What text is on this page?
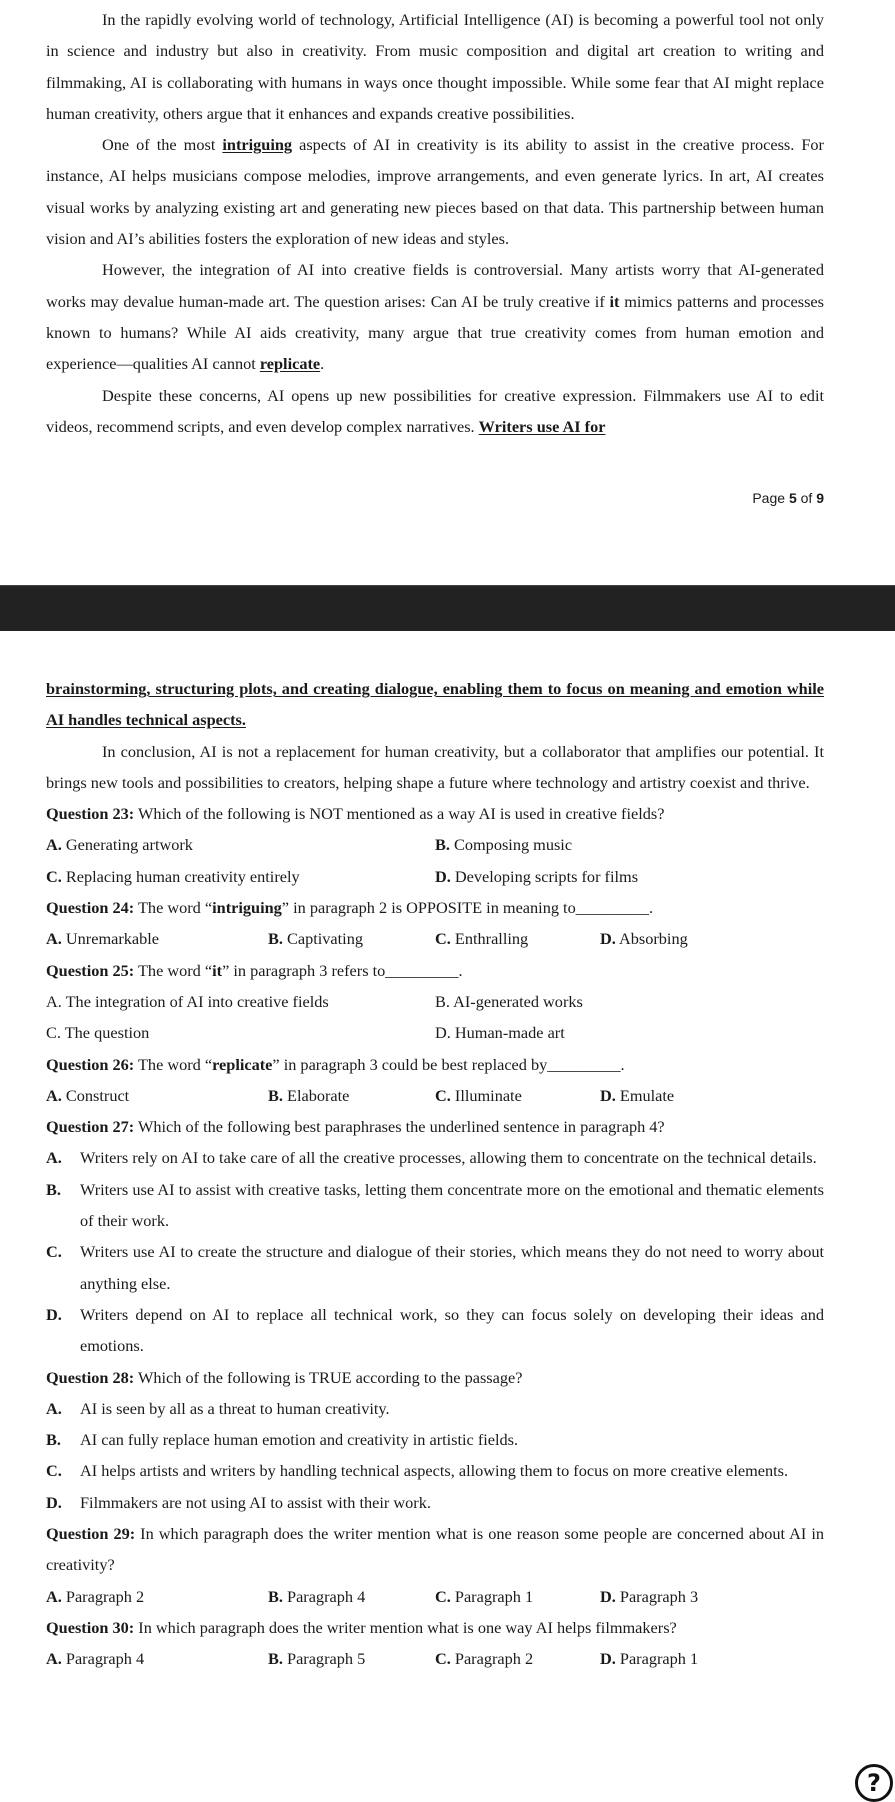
In the rapidly evolving world of technology, Artificial Intelligence (AI) is becoming a powerful tool not only in science and industry but also in creativity. From music composition and digital art creation to writing and filmmaking, AI is collaborating with humans in ways once thought impossible. While some fear that AI might replace human creativity, others argue that it enhances and expands creative possibilities.

One of the most intriguing aspects of AI in creativity is its ability to assist in the creative process. For instance, AI helps musicians compose melodies, improve arrangements, and even generate lyrics. In art, AI creates visual works by analyzing existing art and generating new pieces based on that data. This partnership between human vision and AI’s abilities fosters the exploration of new ideas and styles.

However, the integration of AI into creative fields is controversial. Many artists worry that AI-generated works may devalue human-made art. The question arises: Can AI be truly creative if it mimics patterns and processes known to humans? While AI aids creativity, many argue that true creativity comes from human emotion and experience—qualities AI cannot replicate.

Despite these concerns, AI opens up new possibilities for creative expression. Filmmakers use AI to edit videos, recommend scripts, and even develop complex narratives. Writers use AI for

Page 5 of 9

brainstorming, structuring plots, and creating dialogue, enabling them to focus on meaning and emotion while AI handles technical aspects.

In conclusion, AI is not a replacement for human creativity, but a collaborator that amplifies our potential. It brings new tools and possibilities to creators, helping shape a future where technology and artistry coexist and thrive.

Question 23: Which of the following is NOT mentioned as a way AI is used in creative fields?

A. Generating artwork	B. Composing music
C. Replacing human creativity entirely	D. Developing scripts for films

Question 24: The word “intriguing” in paragraph 2 is OPPOSITE in meaning to_________.

A. Unremarkable	B. Captivating	C. Enthralling	D. Absorbing

Question 25: The word “it” in paragraph 3 refers to_________.

A. The integration of AI into creative fields	B. AI-generated works
C. The question	D. Human-made art

Question 26: The word “replicate” in paragraph 3 could be best replaced by_________.

A. Construct	B. Elaborate	C. Illuminate	D. Emulate

Question 27: Which of the following best paraphrases the underlined sentence in paragraph 4?

A. Writers rely on AI to take care of all the creative processes, allowing them to concentrate on the technical details.
B. Writers use AI to assist with creative tasks, letting them concentrate more on the emotional and thematic elements of their work.
C. Writers use AI to create the structure and dialogue of their stories, which means they do not need to worry about anything else.
D. Writers depend on AI to replace all technical work, so they can focus solely on developing their ideas and emotions.

Question 28: Which of the following is TRUE according to the passage?

A. AI is seen by all as a threat to human creativity.
B. AI can fully replace human emotion and creativity in artistic fields.
C. AI helps artists and writers by handling technical aspects, allowing them to focus on more creative elements.
D. Filmmakers are not using AI to assist with their work.

Question 29: In which paragraph does the writer mention what is one reason some people are concerned about AI in creativity?

A. Paragraph 2	B. Paragraph 4	C. Paragraph 1	D. Paragraph 3

Question 30: In which paragraph does the writer mention what is one way AI helps filmmakers?

A. Paragraph 4	B. Paragraph 5	C. Paragraph 2	D. Paragraph 1
?
